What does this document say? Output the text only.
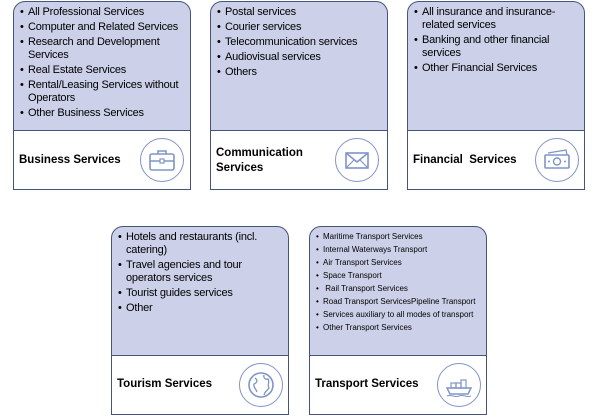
• All Professional Services
• Computer and Related Services
• Research and Development Services
• Real Estate Services
• Rental/Leasing Services without Operators
• Other Business Services
Business Services
• Postal services
• Courier services
• Telecommunication services
• Audiovisual services
• Others
Communication Services
• All insurance and insurance-related services
• Banking and other financial services
• Other Financial Services
Financial  Services
• Hotels and restaurants (incl. catering)
• Travel agencies and tour operators services
• Tourist guides services
• Other
Tourism Services
• Maritime Transport Services
• Internal Waterways Transport
• Air Transport Services
• Space Transport
•  Rail Transport Services
• Road Transport ServicesPipeline Transport
• Services auxiliary to all modes of transport
• Other Transport Services
Transport Services
